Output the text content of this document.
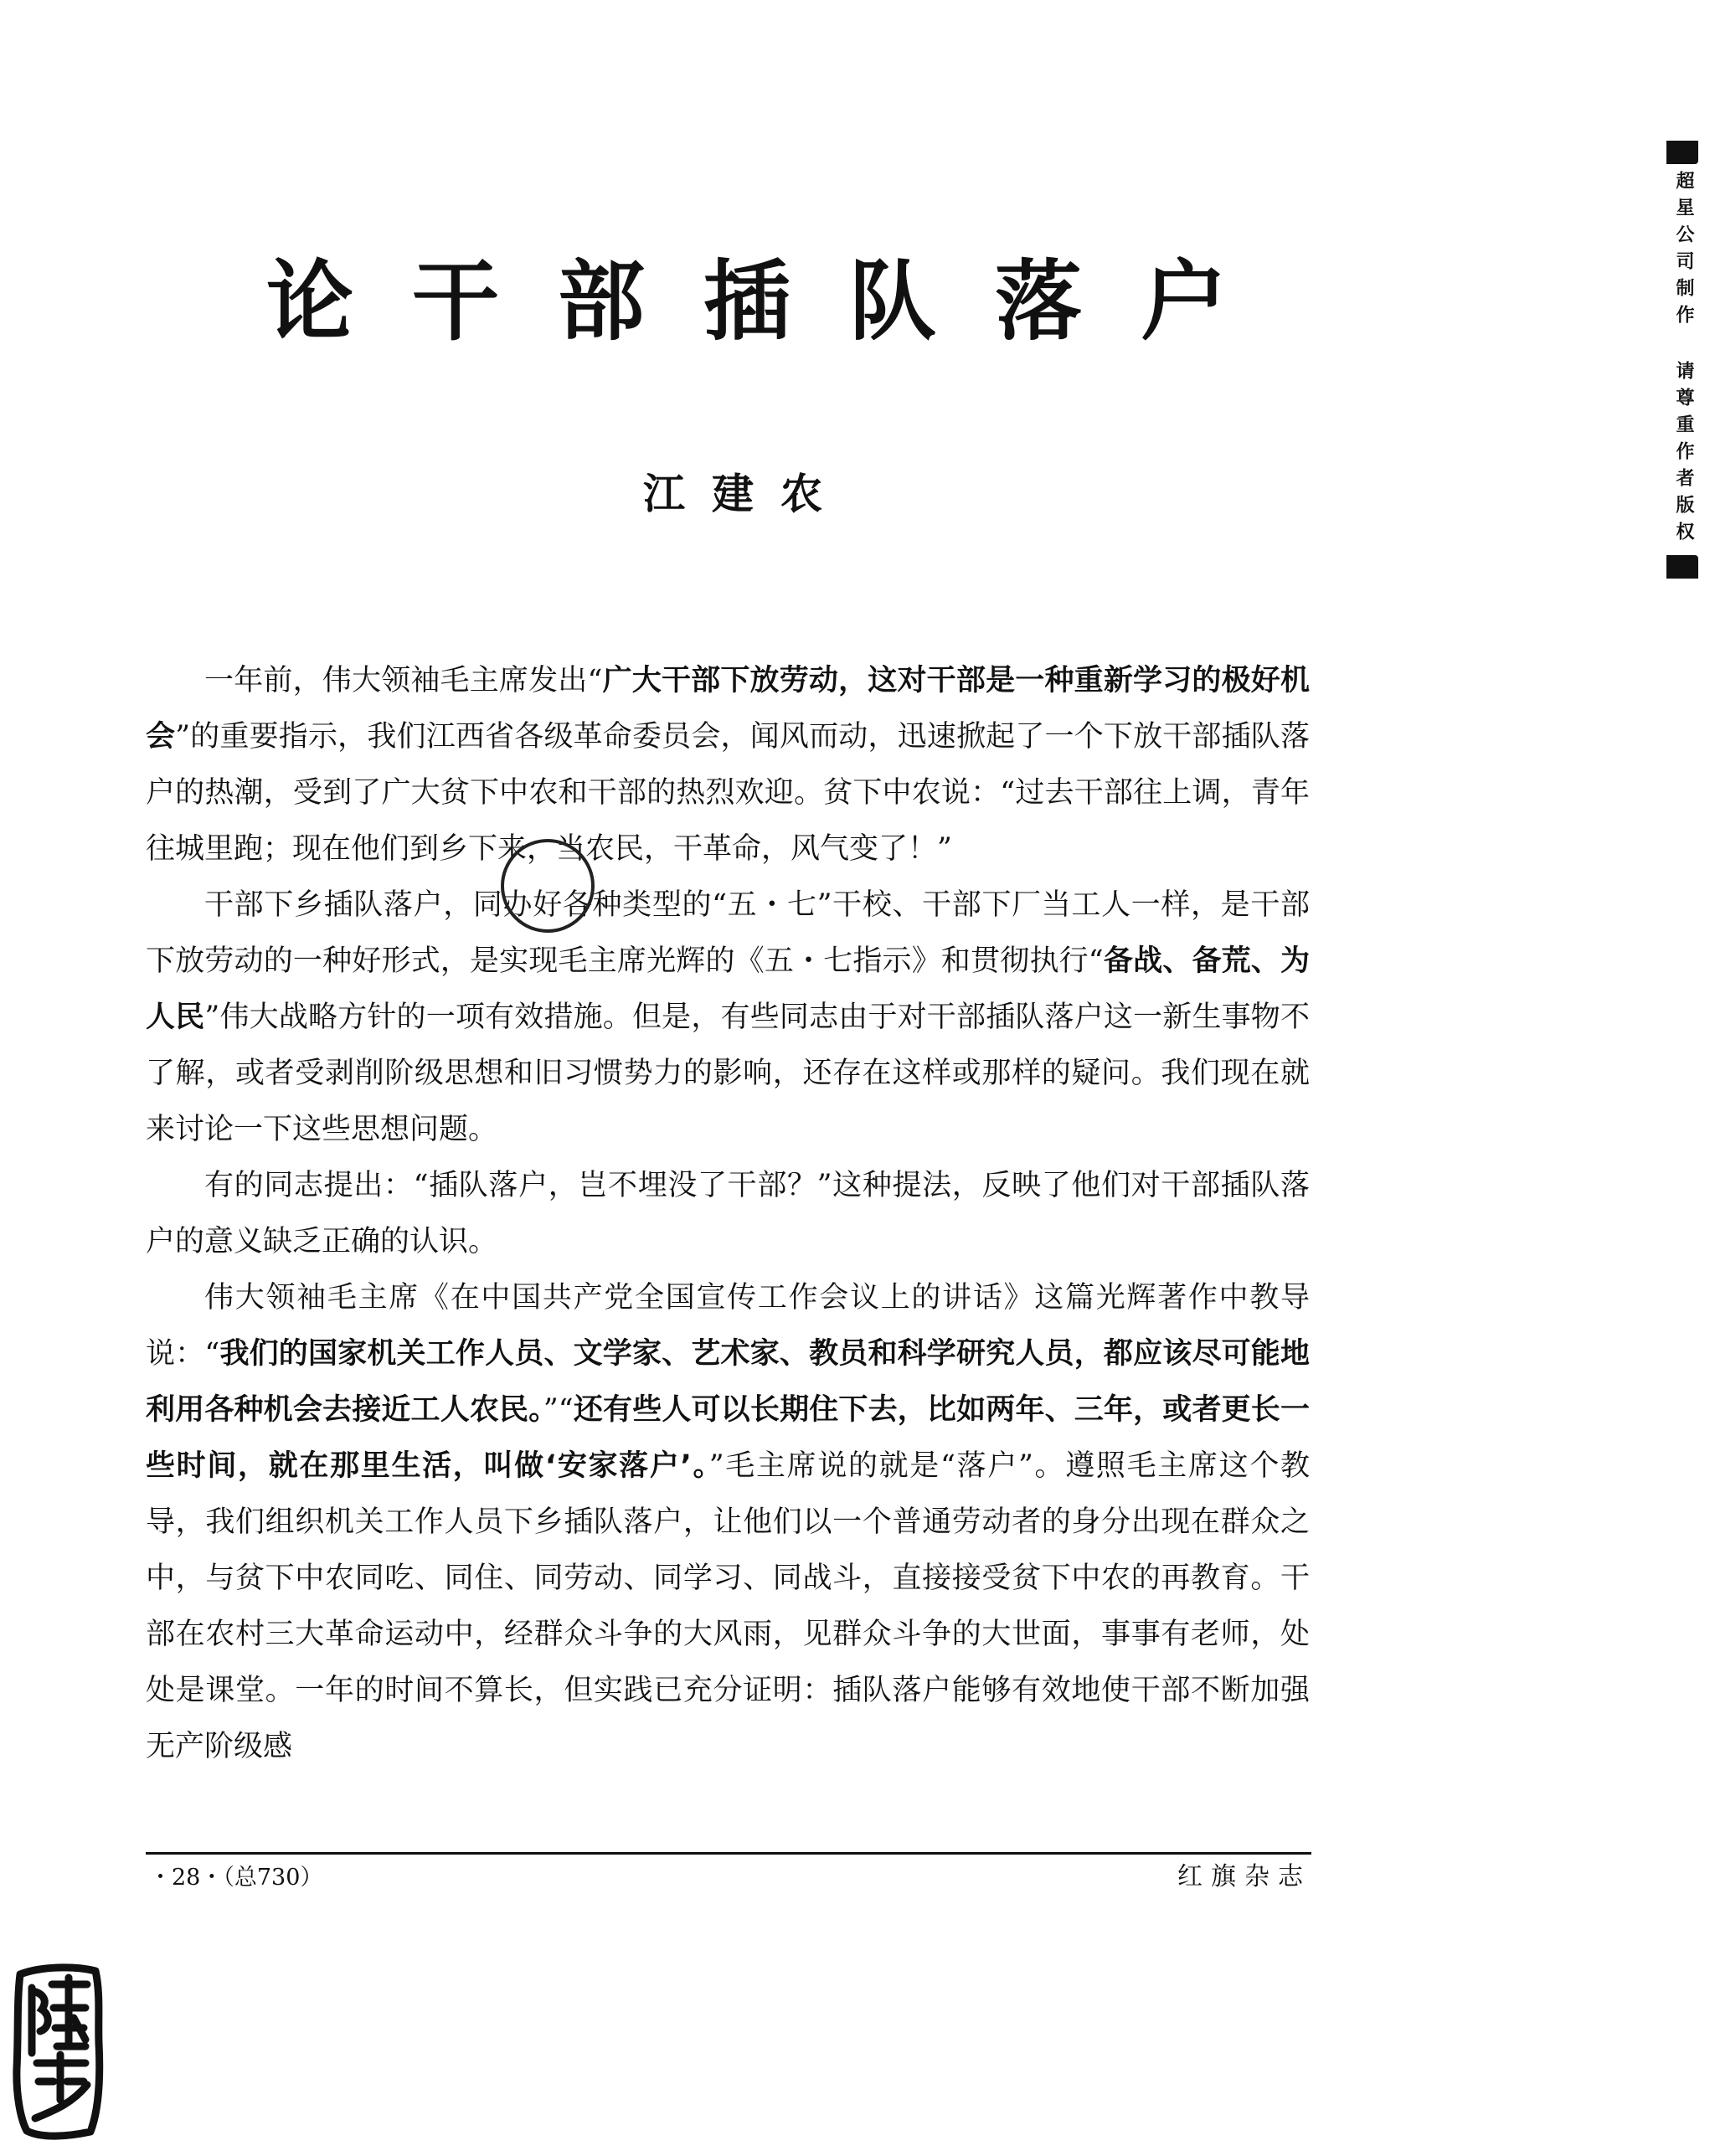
论干部插队落户
江建农

一年前，伟大领袖毛主席发出“广大干部下放劳动，这对干部是一种重新学习的极好机会”的重要指示，我们江西省各级革命委员会，闻风而动，迅速掀起了一个下放干部插队落户的热潮，受到了广大贫下中农和干部的热烈欢迎。贫下中农说：“过去干部往上调，青年往城里跑；现在他们到乡下来，当农民，干革命，风气变了！”

干部下乡插队落户，同办好各种类型的“五・七”干校、干部下厂当工人一样，是干部下放劳动的一种好形式，是实现毛主席光辉的《五・七指示》和贯彻执行“备战、备荒、为人民”伟大战略方针的一项有效措施。但是，有些同志由于对干部插队落户这一新生事物不了解，或者受剥削阶级思想和旧习惯势力的影响，还存在这样或那样的疑问。我们现在就来讨论一下这些思想问题。

有的同志提出：“插队落户，岂不埋没了干部？”这种提法，反映了他们对干部插队落户的意义缺乏正确的认识。

伟大领袖毛主席《在中国共产党全国宣传工作会议上的讲话》这篇光辉著作中教导说：“我们的国家机关工作人员、文学家、艺术家、教员和科学研究人员，都应该尽可能地利用各种机会去接近工人农民。”“还有些人可以长期住下去，比如两年、三年，或者更长一些时间，就在那里生活，叫做‘安家落户’。”毛主席说的就是“落户”。遵照毛主席这个教导，我们组织机关工作人员下乡插队落户，让他们以一个普通劳动者的身分出现在群众之中，与贫下中农同吃、同住、同劳动、同学习、同战斗，直接接受贫下中农的再教育。干部在农村三大革命运动中，经群众斗争的大风雨，见群众斗争的大世面，事事有老师，处处是课堂。一年的时间不算长，但实践已充分证明：插队落户能够有效地使干部不断加强无产阶级感

・28・（总730）	红旗杂志
超星公司制作 请尊重作者版权
